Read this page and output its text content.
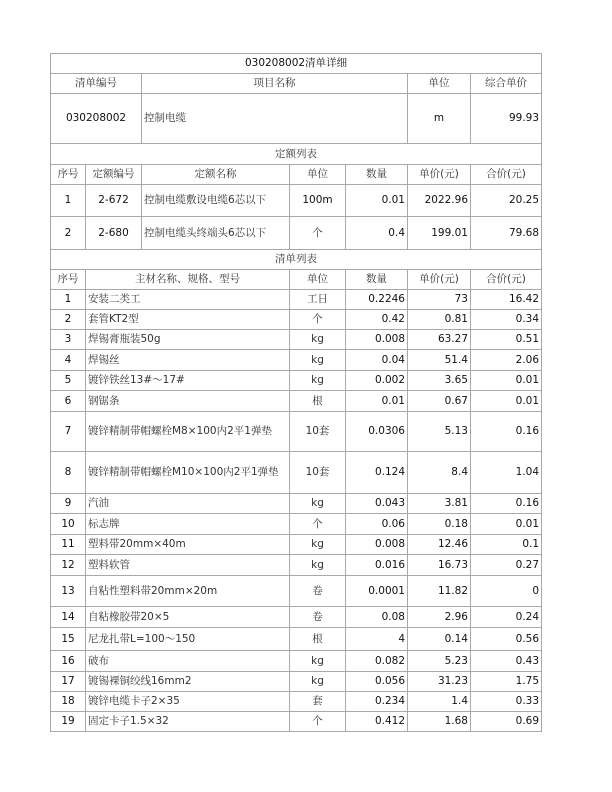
030208002清单详细						
清单编号		项目名称			单位	综合单价
030208002		控制电缆			m	99.93
定额列表						
序号	定额编号	定额名称	单位	数量	单价(元)	合价(元)
1	2-672	控制电缆敷设电缆6芯以下	100m	0.01	2022.96	20.25
2	2-680	控制电缆头终端头6芯以下	个	0.4	199.01	79.68
清单列表						
序号	主材名称、规格、型号		单位	数量	单价(元)	合价(元)
1	安装二类工		工日	0.2246	73	16.42
2	套管KT2型		个	0.42	0.81	0.34
3	焊锡膏瓶装50g		kg	0.008	63.27	0.51
4	焊锡丝		kg	0.04	51.4	2.06
5	镀锌铁丝13#～17#		kg	0.002	3.65	0.01
6	钢锯条		根	0.01	0.67	0.01
7	镀锌精制带帽螺栓M8×100内2平1弹垫		10套	0.0306	5.13	0.16
8	镀锌精制带帽螺栓M10×100内2平1弹垫		10套	0.124	8.4	1.04
9	汽油		kg	0.043	3.81	0.16
10	标志牌		个	0.06	0.18	0.01
11	塑料带20mm×40m		kg	0.008	12.46	0.1
12	塑料软管		kg	0.016	16.73	0.27
13	自粘性塑料带20mm×20m		卷	0.0001	11.82	0
14	自粘橡胶带20×5		卷	0.08	2.96	0.24
15	尼龙扎带L=100～150		根	4	0.14	0.56
16	破布		kg	0.082	5.23	0.43
17	镀锡裸铜绞线16mm2		kg	0.056	31.23	1.75
18	镀锌电缆卡子2×35		套	0.234	1.4	0.33
19	固定卡子1.5×32		个	0.412	1.68	0.69
